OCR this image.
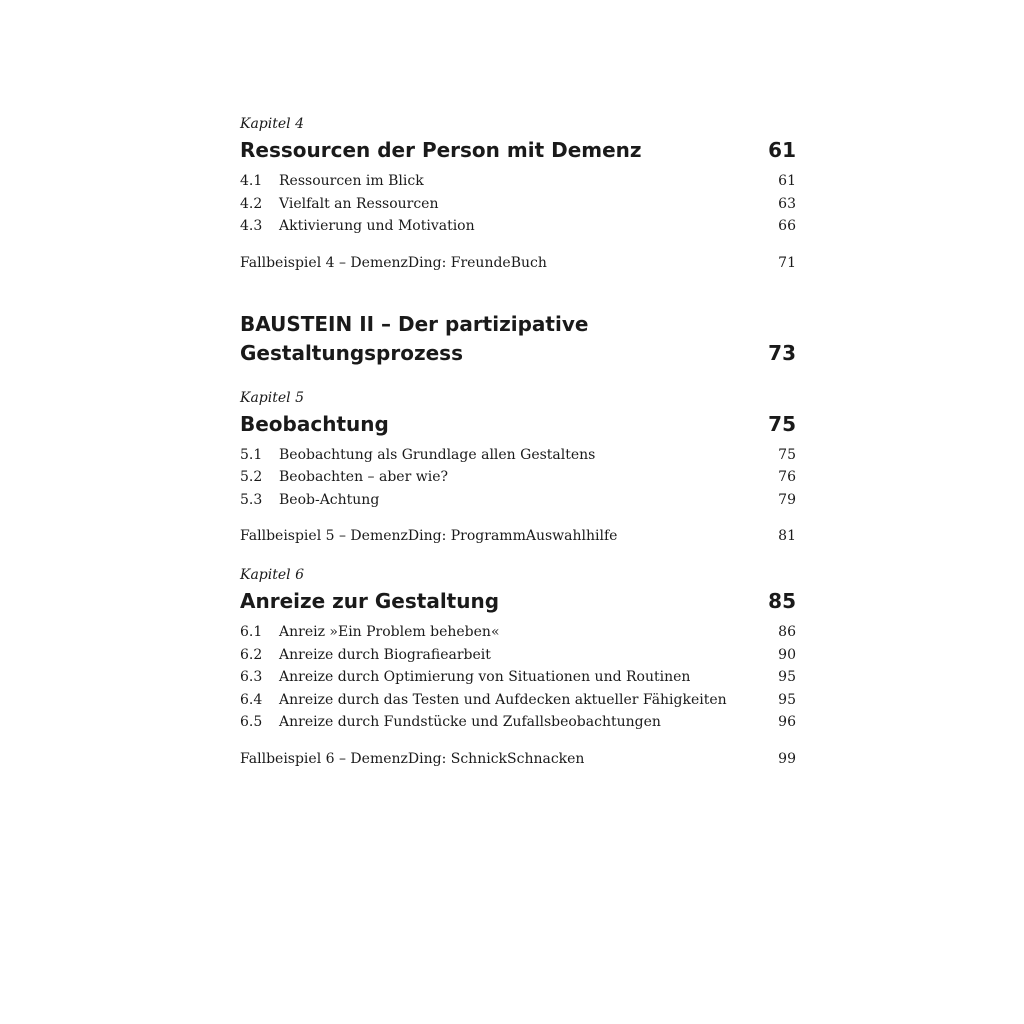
Kapitel 4

Ressourcen der Person mit Demenz	61
4.1	Ressourcen im Blick	61
4.2	Vielfalt an Ressourcen	63
4.3	Aktivierung und Motivation	66
Fallbeispiel 4 – DemenzDing: FreundeBuch	71
BAUSTEIN II – Der partizipative
Gestaltungsprozess	73

Kapitel 5

Beobachtung	75
5.1	Beobachtung als Grundlage allen Gestaltens	75
5.2	Beobachten – aber wie?	76
5.3	Beob-Achtung	79
Fallbeispiel 5 – DemenzDing: ProgrammAuswahlhilfe	81

Kapitel 6

Anreize zur Gestaltung	85
6.1	Anreiz »Ein Problem beheben«	86
6.2	Anreize durch Biografiearbeit	90
6.3	Anreize durch Optimierung von Situationen und Routinen	95
6.4	Anreize durch das Testen und Aufdecken aktueller Fähigkeiten	95
6.5	Anreize durch Fundstücke und Zufallsbeobachtungen	96
Fallbeispiel 6 – DemenzDing: SchnickSchnacken	99
